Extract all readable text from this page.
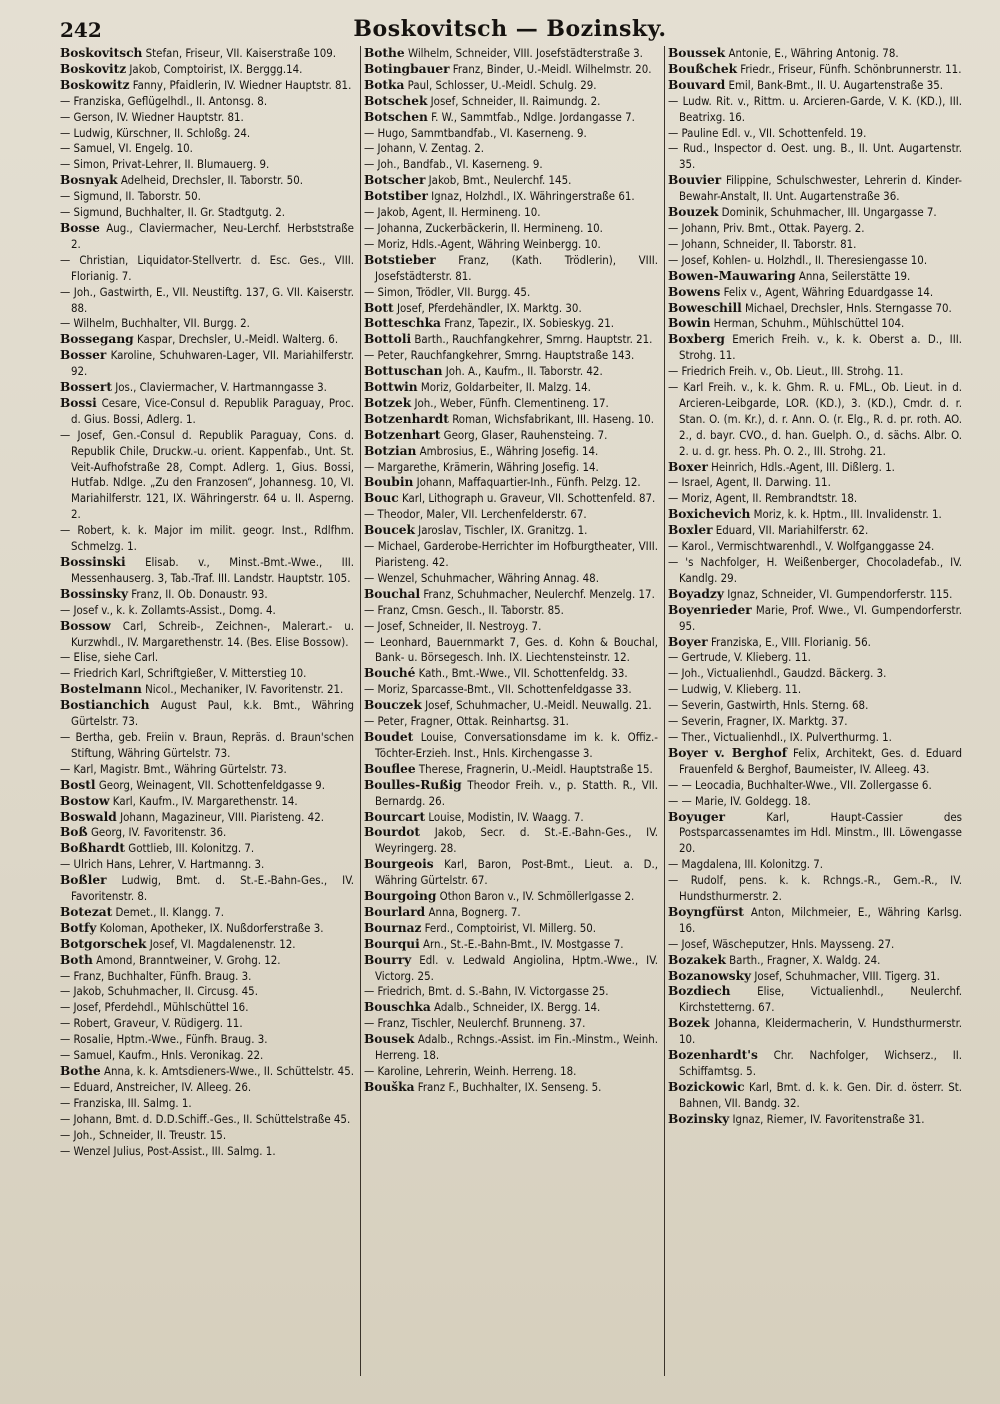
242	Boskovitsch — Bozinsky.

Boskovitsch Stefan, Friseur, VII. Kaiserstraße 109.

Boskovitz Jakob, Comptoirist, IX. Berggg.14.

Boskowitz Fanny, Pfaidlerin, IV. Wiedner Hauptstr. 81.

— Franziska, Geflügelhdl., II. Antonsg. 8.

— Gerson, IV. Wiedner Hauptstr. 81.

— Ludwig, Kürschner, II. Schloßg. 24.

— Samuel, VI. Engelg. 10.

— Simon, Privat-Lehrer, II. Blumauerg. 9.

Bosnyak Adelheid, Drechsler, II. Taborstr. 50.

— Sigmund, II. Taborstr. 50.

— Sigmund, Buchhalter, II. Gr. Stadtgutg. 2.

Bosse Aug., Claviermacher, Neu-Lerchf. Herbststraße 2.

— Christian, Liquidator-Stellvertr. d. Esc. Ges., VIII. Florianig. 7.

— Joh., Gastwirth, E., VII. Neustiftg. 137, G. VII. Kaiserstr. 88.

— Wilhelm, Buchhalter, VII. Burgg. 2.

Bossegang Kaspar, Drechsler, U.-Meidl. Walterg. 6.

Bosser Karoline, Schuhwaren-Lager, VII. Mariahilferstr. 92.

Bossert Jos., Claviermacher, V. Hartmanngasse 3.

Bossi Cesare, Vice-Consul d. Republik Paraguay, Proc. d. Gius. Bossi, Adlerg. 1.

— Josef, Gen.-Consul d. Republik Paraguay, Cons. d. Republik Chile, Druckw.-u. orient. Kappenfab., Unt. St. Veit-Aufhofstraße 28, Compt. Adlerg. 1, Gius. Bossi, Hutfab. Ndlge. „Zu den Franzosen“, Johannesg. 10, VI. Mariahilferstr. 121, IX. Währingerstr. 64 u. II. Asperng. 2.

— Robert, k. k. Major im milit. geogr. Inst., Rdlfhm. Schmelzg. 1.

Bossinski Elisab. v., Minst.-Bmt.-Wwe., III. Messenhauserg. 3, Tab.-Traf. III. Landstr. Hauptstr. 105.

Bossinsky Franz, II. Ob. Donaustr. 93.

— Josef v., k. k. Zollamts-Assist., Domg. 4.

Bossow Carl, Schreib-, Zeichnen-, Malerart.- u. Kurzwhdl., IV. Margarethenstr. 14. (Bes. Elise Bossow).

— Elise, siehe Carl.

— Friedrich Karl, Schriftgießer, V. Mitterstieg 10.

Bostelmann Nicol., Mechaniker, IV. Favoritenstr. 21.

Bostianchich August Paul, k.k. Bmt., Währing Gürtelstr. 73.

— Bertha, geb. Freiin v. Braun, Repräs. d. Braun'schen Stiftung, Währing Gürtelstr. 73.

— Karl, Magistr. Bmt., Währing Gürtelstr. 73.

Bostl Georg, Weinagent, VII. Schottenfeldgasse 9.

Bostow Karl, Kaufm., IV. Margarethenstr. 14.

Boswald Johann, Magazineur, VIII. Piaristeng. 42.

Boß Georg, IV. Favoritenstr. 36.

Boßhardt Gottlieb, III. Kolonitzg. 7.

— Ulrich Hans, Lehrer, V. Hartmanng. 3.

Boßler Ludwig, Bmt. d. St.-E.-Bahn-Ges., IV. Favoritenstr. 8.

Botezat Demet., II. Klangg. 7.

Botfy Koloman, Apotheker, IX. Nußdorferstraße 3.

Botgorschek Josef, VI. Magdalenenstr. 12.

Both Amond, Branntweiner, V. Grohg. 12.

— Franz, Buchhalter, Fünfh. Braug. 3.

— Jakob, Schuhmacher, II. Circusg. 45.

— Josef, Pferdehdl., Mühlschüttel 16.

— Robert, Graveur, V. Rüdigerg. 11.

— Rosalie, Hptm.-Wwe., Fünfh. Braug. 3.

— Samuel, Kaufm., Hnls. Veronikag. 22.

Bothe Anna, k. k. Amtsdieners-Wwe., II. Schüttelstr. 45.

— Eduard, Anstreicher, IV. Alleeg. 26.

— Franziska, III. Salmg. 1.

— Johann, Bmt. d. D.D.Schiff.-Ges., II. Schüttelstraße 45.

— Joh., Schneider, II. Treustr. 15.

— Wenzel Julius, Post-Assist., III. Salmg. 1.

Bothe Wilhelm, Schneider, VIII. Josefstädterstraße 3.

Botingbauer Franz, Binder, U.-Meidl. Wilhelmstr. 20.

Botka Paul, Schlosser, U.-Meidl. Schulg. 29.

Botschek Josef, Schneider, II. Raimundg. 2.

Botschen F. W., Sammtfab., Ndlge. Jordangasse 7.

— Hugo, Sammtbandfab., VI. Kaserneng. 9.

— Johann, V. Zentag. 2.

— Joh., Bandfab., VI. Kaserneng. 9.

Botscher Jakob, Bmt., Neulerchf. 145.

Botstiber Ignaz, Holzhdl., IX. Währingerstraße 61.

— Jakob, Agent, II. Hermineng. 10.

— Johanna, Zuckerbäckerin, II. Hermineng. 10.

— Moriz, Hdls.-Agent, Währing Weinbergg. 10.

Botstieber Franz, (Kath. Trödlerin), VIII. Josefstädterstr. 81.

— Simon, Trödler, VII. Burgg. 45.

Bott Josef, Pferdehändler, IX. Marktg. 30.

Botteschka Franz, Tapezir., IX. Sobieskyg. 21.

Bottoli Barth., Rauchfangkehrer, Smrng. Hauptstr. 21.

— Peter, Rauchfangkehrer, Smrng. Hauptstraße 143.

Bottuschan Joh. A., Kaufm., II. Taborstr. 42.

Bottwin Moriz, Goldarbeiter, II. Malzg. 14.

Botzek Joh., Weber, Fünfh. Clementineng. 17.

Botzenhardt Roman, Wichsfabrikant, III. Haseng. 10.

Botzenhart Georg, Glaser, Rauhensteing. 7.

Botzian Ambrosius, E., Währing Josefig. 14.

— Margarethe, Krämerin, Währing Josefig. 14.

Boubin Johann, Maffaquartier-Inh., Fünfh. Pelzg. 12.

Bouc Karl, Lithograph u. Graveur, VII. Schottenfeld. 87.

— Theodor, Maler, VII. Lerchenfelderstr. 67.

Boucek Jaroslav, Tischler, IX. Granitzg. 1.

— Michael, Garderobe-Herrichter im Hofburgtheater, VIII. Piaristeng. 42.

— Wenzel, Schuhmacher, Währing Annag. 48.

Bouchal Franz, Schuhmacher, Neulerchf. Menzelg. 17.

— Franz, Cmsn. Gesch., II. Taborstr. 85.

— Josef, Schneider, II. Nestroyg. 7.

— Leonhard, Bauernmarkt 7, Ges. d. Kohn & Bouchal, Bank- u. Börsegesch. Inh. IX. Liechtensteinstr. 12.

Bouché Kath., Bmt.-Wwe., VII. Schottenfeldg. 33.

— Moriz, Sparcasse-Bmt., VII. Schottenfeldgasse 33.

Bouczek Josef, Schuhmacher, U.-Meidl. Neuwallg. 21.

— Peter, Fragner, Ottak. Reinhartsg. 31.

Boudet Louise, Conversationsdame im k. k. Offiz.-Töchter-Erzieh. Inst., Hnls. Kirchengasse 3.

Bouflee Therese, Fragnerin, U.-Meidl. Hauptstraße 15.

Boulles-Rußig Theodor Freih. v., p. Statth. R., VII. Bernardg. 26.

Bourcart Louise, Modistin, IV. Waagg. 7.

Bourdot Jakob, Secr. d. St.-E.-Bahn-Ges., IV. Weyringerg. 28.

Bourgeois Karl, Baron, Post-Bmt., Lieut. a. D., Währing Gürtelstr. 67.

Bourgoing Othon Baron v., IV. Schmöllerlgasse 2.

Bourlard Anna, Bognerg. 7.

Bournaz Ferd., Comptoirist, VI. Millerg. 50.

Bourqui Arn., St.-E.-Bahn-Bmt., IV. Mostgasse 7.

Bourry Edl. v. Ledwald Angiolina, Hptm.-Wwe., IV. Victorg. 25.

— Friedrich, Bmt. d. S.-Bahn, IV. Victorgasse 25.

Bouschka Adalb., Schneider, IX. Bergg. 14.

— Franz, Tischler, Neulerchf. Brunneng. 37.

Bousek Adalb., Rchngs.-Assist. im Fin.-Minstm., Weinh. Herreng. 18.

— Karoline, Lehrerin, Weinh. Herreng. 18.

Bouška Franz F., Buchhalter, IX. Senseng. 5.

Boussek Antonie, E., Währing Antonig. 78.

Boußchek Friedr., Friseur, Fünfh. Schönbrunnerstr. 11.

Bouvard Emil, Bank-Bmt., II. U. Augartenstraße 35.

— Ludw. Rit. v., Rittm. u. Arcieren-Garde, V. K. (KD.), III. Beatrixg. 16.

— Pauline Edl. v., VII. Schottenfeld. 19.

— Rud., Inspector d. Oest. ung. B., II. Unt. Augartenstr. 35.

Bouvier Filippine, Schulschwester, Lehrerin d. Kinder-Bewahr-Anstalt, II. Unt. Augartenstraße 36.

Bouzek Dominik, Schuhmacher, III. Ungargasse 7.

— Johann, Priv. Bmt., Ottak. Payerg. 2.

— Johann, Schneider, II. Taborstr. 81.

— Josef, Kohlen- u. Holzhdl., II. Theresiengasse 10.

Bowen-Mauwaring Anna, Seilerstätte 19.

Bowens Felix v., Agent, Währing Eduardgasse 14.

Boweschill Michael, Drechsler, Hnls. Sterngasse 70.

Bowin Herman, Schuhm., Mühlschüttel 104.

Boxberg Emerich Freih. v., k. k. Oberst a. D., III. Strohg. 11.

— Friedrich Freih. v., Ob. Lieut., III. Strohg. 11.

— Karl Freih. v., k. k. Ghm. R. u. FML., Ob. Lieut. in d. Arcieren-Leibgarde, LOR. (KD.), 3. (KD.), Cmdr. d. r. Stan. O. (m. Kr.), d. r. Ann. O. (r. Elg., R. d. pr. roth. AO. 2., d. bayr. CVO., d. han. Guelph. O., d. sächs. Albr. O. 2. u. d. gr. hess. Ph. O. 2., III. Strohg. 21.

Boxer Heinrich, Hdls.-Agent, III. Dißlerg. 1.

— Israel, Agent, II. Darwing. 11.

— Moriz, Agent, II. Rembrandtstr. 18.

Boxichevich Moriz, k. k. Hptm., III. Invalidenstr. 1.

Boxler Eduard, VII. Mariahilferstr. 62.

— Karol., Vermischtwarenhdl., V. Wolfganggasse 24.

— 's Nachfolger, H. Weißenberger, Chocoladefab., IV. Kandlg. 29.

Boyadzy Ignaz, Schneider, VI. Gumpendorferstr. 115.

Boyenrieder Marie, Prof. Wwe., VI. Gumpendorferstr. 95.

Boyer Franziska, E., VIII. Florianig. 56.

— Gertrude, V. Klieberg. 11.

— Joh., Victualienhdl., Gaudzd. Bäckerg. 3.

— Ludwig, V. Klieberg. 11.

— Severin, Gastwirth, Hnls. Sterng. 68.

— Severin, Fragner, IX. Marktg. 37.

— Ther., Victualienhdl., IX. Pulverthurmg. 1.

Boyer v. Berghof Felix, Architekt, Ges. d. Eduard Frauenfeld & Berghof, Baumeister, IV. Alleeg. 43.

— — Leocadia, Buchhalter-Wwe., VII. Zollergasse 6.

— — Marie, IV. Goldegg. 18.

Boyuger Karl, Haupt-Cassier des Postsparcassenamtes im Hdl. Minstm., III. Löwengasse 20.

— Magdalena, III. Kolonitzg. 7.

— Rudolf, pens. k. k. Rchngs.-R., Gem.-R., IV. Hundsthurmerstr. 2.

Boyngfürst Anton, Milchmeier, E., Währing Karlsg. 16.

— Josef, Wäscheputzer, Hnls. Maysseng. 27.

Bozakek Barth., Fragner, X. Waldg. 24.

Bozanowsky Josef, Schuhmacher, VIII. Tigerg. 31.

Bozdiech Elise, Victualienhdl., Neulerchf. Kirchstetterng. 67.

Bozek Johanna, Kleidermacherin, V. Hundsthurmerstr. 10.

Bozenhardt's Chr. Nachfolger, Wichserz., II. Schiffamtsg. 5.

Bozickowic Karl, Bmt. d. k. k. Gen. Dir. d. österr. St. Bahnen, VII. Bandg. 32.

Bozinsky Ignaz, Riemer, IV. Favoritenstraße 31.
